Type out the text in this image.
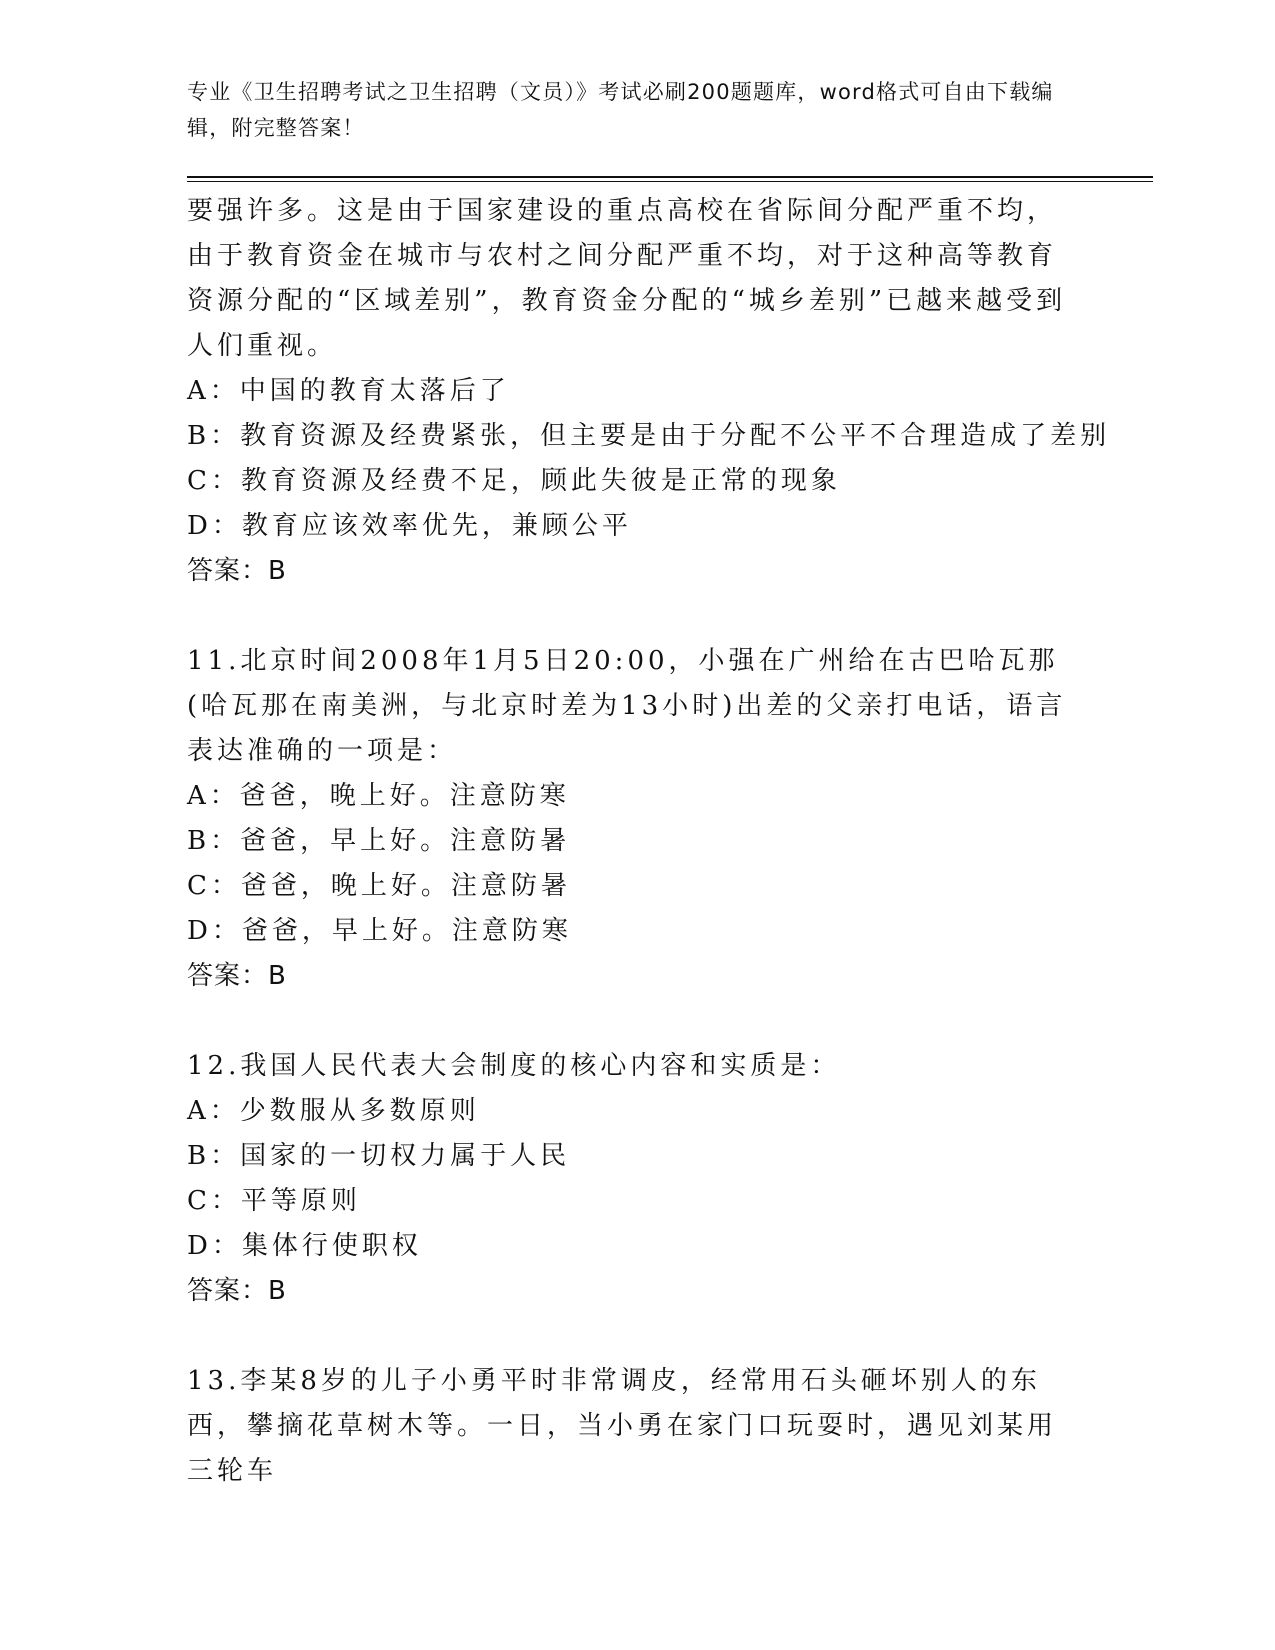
专业《卫生招聘考试之卫生招聘（文员）》考试必刷200题题库，word格式可自由下载编辑，附完整答案！

要强许多。这是由于国家建设的重点高校在省际间分配严重不均，由于教育资金在城市与农村之间分配严重不均，对于这种高等教育资源分配的“区域差别”，教育资金分配的“城乡差别”已越来越受到人们重视。

A：中国的教育太落后了

B：教育资源及经费紧张，但主要是由于分配不公平不合理造成了差别

C：教育资源及经费不足，顾此失彼是正常的现象

D：教育应该效率优先，兼顾公平

答案：B

11.北京时间2008年1月5日20:00，小强在广州给在古巴哈瓦那(哈瓦那在南美洲，与北京时差为13小时)出差的父亲打电话，语言表达准确的一项是：

A：爸爸，晚上好。注意防寒

B：爸爸，早上好。注意防暑

C：爸爸，晚上好。注意防暑

D：爸爸，早上好。注意防寒

答案：B

12.我国人民代表大会制度的核心内容和实质是：

A：少数服从多数原则

B：国家的一切权力属于人民

C：平等原则

D：集体行使职权

答案：B

13.李某8岁的儿子小勇平时非常调皮，经常用石头砸坏别人的东西，攀摘花草树木等。一日，当小勇在家门口玩耍时，遇见刘某用三轮车
